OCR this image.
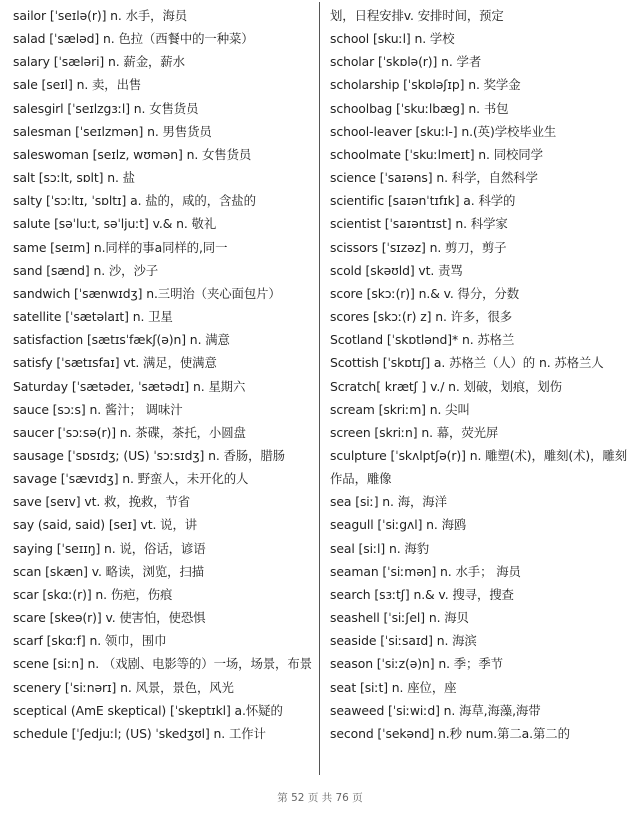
sailor [ˈseɪlə(r)] n. 水手，海员
salad [ˈsæləd] n. 色拉（西餐中的一种菜）
salary [ˈsæləri] n. 薪金，薪水
sale [seɪl] n. 卖，出售
salesgirl [ˈseɪlzgɜːl] n. 女售货员
salesman [ˈseɪlzmən] n. 男售货员
saleswoman [seɪlz, wʊmən] n. 女售货员
salt [sɔːlt, sɒlt] n. 盐
salty [ˈsɔːltɪ, ˈsɒltɪ] a. 盐的，咸的，含盐的
salute [səˈluːt, səˈljuːt] v.& n. 敬礼
same [seɪm] n.同样的事a同样的,同一
sand [sænd] n. 沙，沙子
sandwich [ˈsænwɪdʒ] n.三明治（夹心面包片）
satellite [ˈsætəlaɪt] n. 卫星
satisfaction [sætɪsˈfækʃ(ə)n] n. 满意
satisfy [ˈsætɪsfaɪ] vt. 满足，使满意
Saturday [ˈsætədeɪ, ˈsætədɪ] n. 星期六
sauce [sɔːs] n. 酱汁； 调味汁
saucer [ˈsɔːsə(r)] n. 茶碟，茶托，小圆盘
sausage [ˈsɒsɪdʒ; (US) ˈsɔːsɪdʒ] n. 香肠，腊肠
savage [ˈsævɪdʒ] n. 野蛮人，未开化的人
save [seɪv] vt. 救，挽救，节省
say (said, said) [seɪ] vt. 说，讲
saying [ˈseɪɪŋ] n. 说，俗话，谚语
scan [skæn] v. 略读，浏览，扫描
scar [skɑː(r)] n. 伤疤，伤痕
scare [skeə(r)] v. 使害怕，使恐惧
scarf [skɑːf] n. 领巾，围巾
scene [siːn] n. （戏剧、电影等的）一场，场景，布景
scenery [ˈsiːnərɪ] n. 风景，景色，风光
sceptical (AmE skeptical) [ˈskeptɪkl] a.怀疑的
schedule [ˈʃedjuːl; (US) ˈskedʒʊl] n. 工作计
划，日程安排v. 安排时间，预定
school [skuːl] n. 学校
scholar [ˈskɒlə(r)] n. 学者
scholarship [ˈskɒləʃɪp] n. 奖学金
schoolbag [ˈskuːlbæg] n. 书包
school-leaver [skuːl-] n.(英)学校毕业生
schoolmate [ˈskuːlmeɪt] n. 同校同学
science [ˈsaɪəns] n. 科学，自然科学
scientific [saɪənˈtɪfɪk] a. 科学的
scientist [ˈsaɪəntɪst] n. 科学家
scissors [ˈsɪzəz] n. 剪刀，剪子
scold [skəʊld] vt. 责骂
score [skɔː(r)] n.& v. 得分，分数
scores [skɔː(r) z] n. 许多，很多
Scotland [ˈskɒtlənd]* n. 苏格兰
Scottish [ˈskɒtɪʃ] a. 苏格兰（人）的 n. 苏格兰人
Scratch[ krætʃ ] v./ n. 划破，划痕，划伤
scream [skriːm] n. 尖叫
screen [skriːn] n. 幕，荧光屏
sculpture [ˈskʌlptʃə(r)] n. 雕塑(术)，雕刻(术)，雕刻作品，雕像
sea [siː] n. 海，海洋
seagull [ˈsiːgʌl] n. 海鸥
seal [siːl] n. 海豹
seaman [ˈsiːmən] n. 水手； 海员
search [sɜːtʃ] n.& v. 搜寻，搜查
seashell [ˈsiːʃel] n. 海贝
seaside [ˈsiːsaɪd] n. 海滨
season [ˈsiːz(ə)n] n. 季；季节
seat [siːt] n. 座位，座
seaweed [ˈsiːwiːd] n. 海草,海藻,海带
second [ˈsekənd] n.秒 num.第二a.第二的
第 52 页 共 76 页
